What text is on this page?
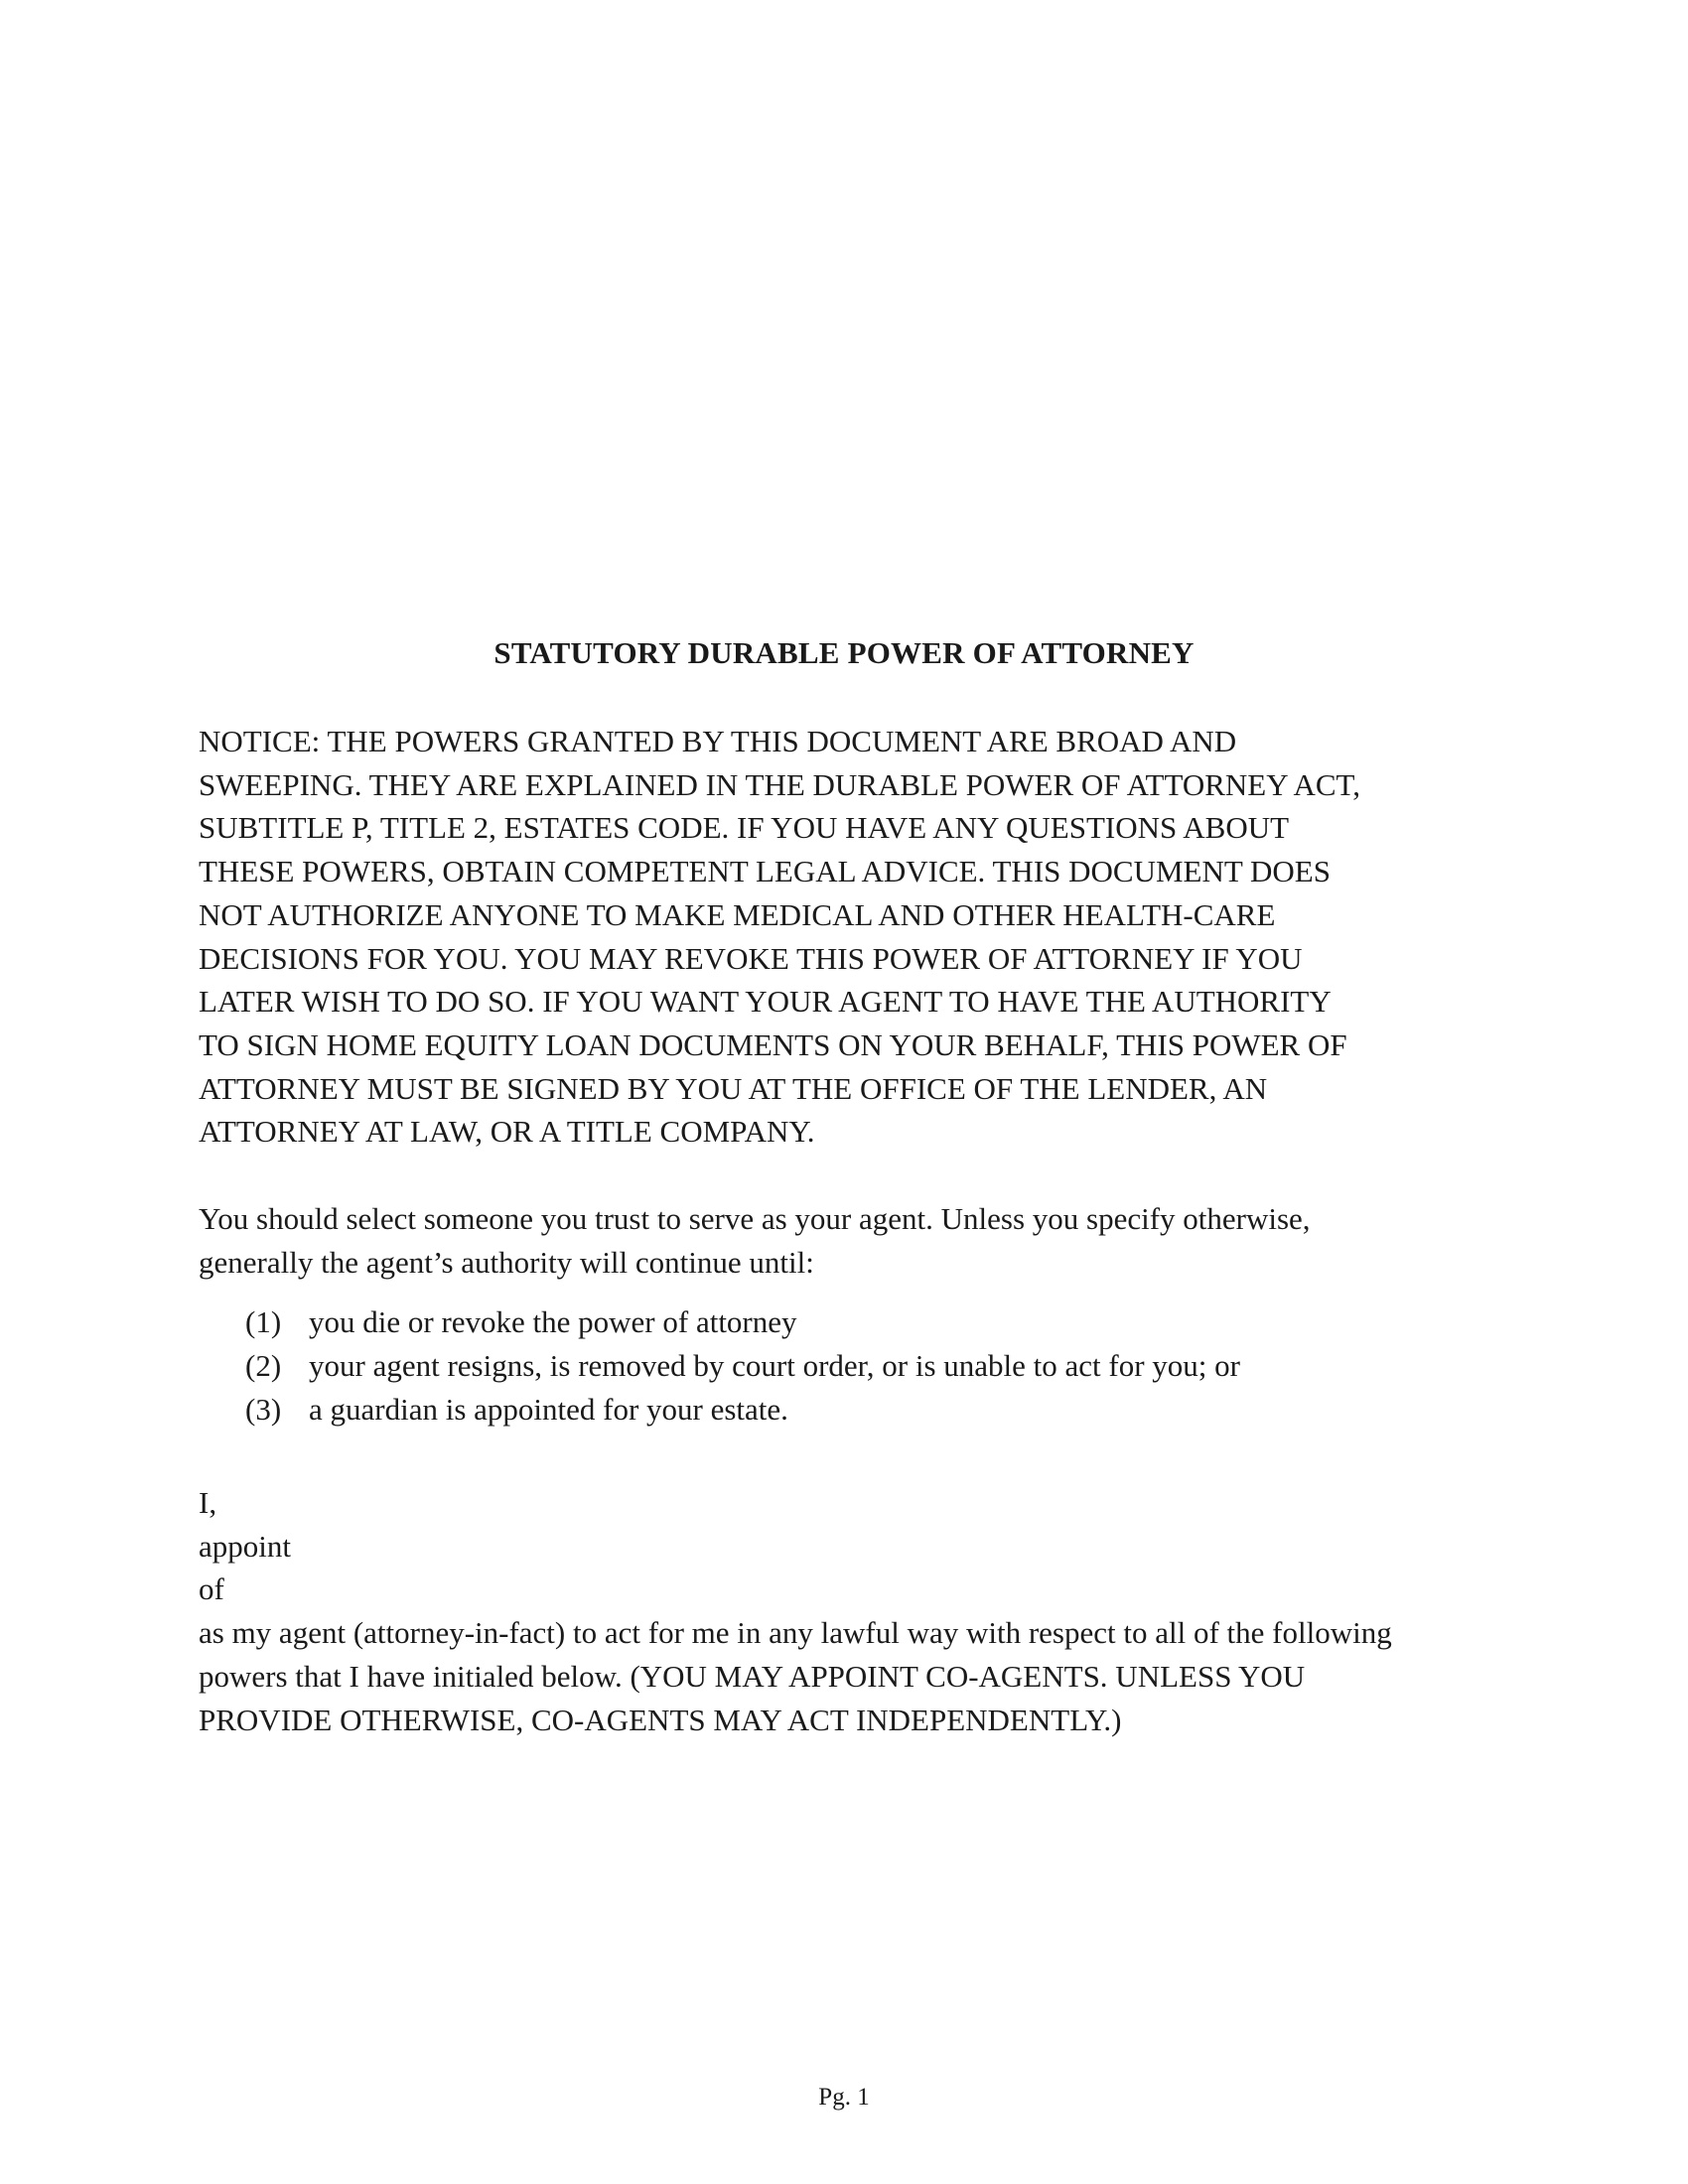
STATUTORY DURABLE POWER OF ATTORNEY
NOTICE: THE POWERS GRANTED BY THIS DOCUMENT ARE BROAD AND
SWEEPING. THEY ARE EXPLAINED IN THE DURABLE POWER OF ATTORNEY ACT,
SUBTITLE P, TITLE 2, ESTATES CODE. IF YOU HAVE ANY QUESTIONS ABOUT
THESE POWERS, OBTAIN COMPETENT LEGAL ADVICE. THIS DOCUMENT DOES
NOT AUTHORIZE ANYONE TO MAKE MEDICAL AND OTHER HEALTH-CARE
DECISIONS FOR YOU. YOU MAY REVOKE THIS POWER OF ATTORNEY IF YOU
LATER WISH TO DO SO. IF YOU WANT YOUR AGENT TO HAVE THE AUTHORITY
TO SIGN HOME EQUITY LOAN DOCUMENTS ON YOUR BEHALF, THIS POWER OF
ATTORNEY MUST BE SIGNED BY YOU AT THE OFFICE OF THE LENDER, AN
ATTORNEY AT LAW, OR A TITLE COMPANY.
You should select someone you trust to serve as your agent. Unless you specify otherwise,
generally the agent’s authority will continue until:
(1) you die or revoke the power of attorney
(2) your agent resigns, is removed by court order, or is unable to act for you; or
(3) a guardian is appointed for your estate.
I,
appoint
of
as my agent (attorney-in-fact) to act for me in any lawful way with respect to all of the following
powers that I have initialed below. (YOU MAY APPOINT CO-AGENTS. UNLESS YOU
PROVIDE OTHERWISE, CO-AGENTS MAY ACT INDEPENDENTLY.)
Pg. 1
